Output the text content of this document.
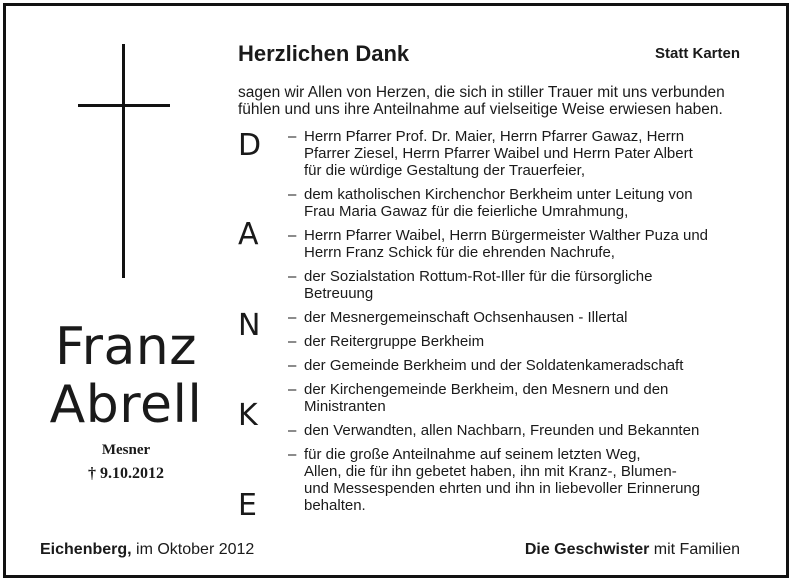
Franz
Abrell
Mesner
† 9.10.2012
Herzlichen Dank	Statt Karten

sagen wir Allen von Herzen, die sich in stiller Trauer mit uns verbunden

fühlen und uns ihre Anteilnahme auf vielseitige Weise erwiesen haben.

D
A
N
K
E
– Herrn Pfarrer Prof. Dr. Maier, Herrn Pfarrer Gawaz, Herrn
Pfarrer Ziesel, Herrn Pfarrer Waibel und Herrn Pater Albert
für die würdige Gestaltung der Trauerfeier,
– dem katholischen Kirchenchor Berkheim unter Leitung von
Frau Maria Gawaz für die feierliche Umrahmung,
– Herrn Pfarrer Waibel, Herrn Bürgermeister Walther Puza und
Herrn Franz Schick für die ehrenden Nachrufe,
– der Sozialstation Rottum-Rot-Iller für die fürsorgliche
Betreuung
– der Mesnergemeinschaft Ochsenhausen - Illertal
– der Reitergruppe Berkheim
– der Gemeinde Berkheim und der Soldatenkameradschaft
– der Kirchengemeinde Berkheim, den Mesnern und den
Ministranten
– den Verwandten, allen Nachbarn, Freunden und Bekannten
– für die große Anteilnahme auf seinem letzten Weg,
Allen, die für ihn gebetet haben, ihn mit Kranz-, Blumen-
und Messespenden ehrten und ihn in liebevoller Erinnerung
behalten.
Eichenberg, im Oktober 2012	Die Geschwister mit Familien
